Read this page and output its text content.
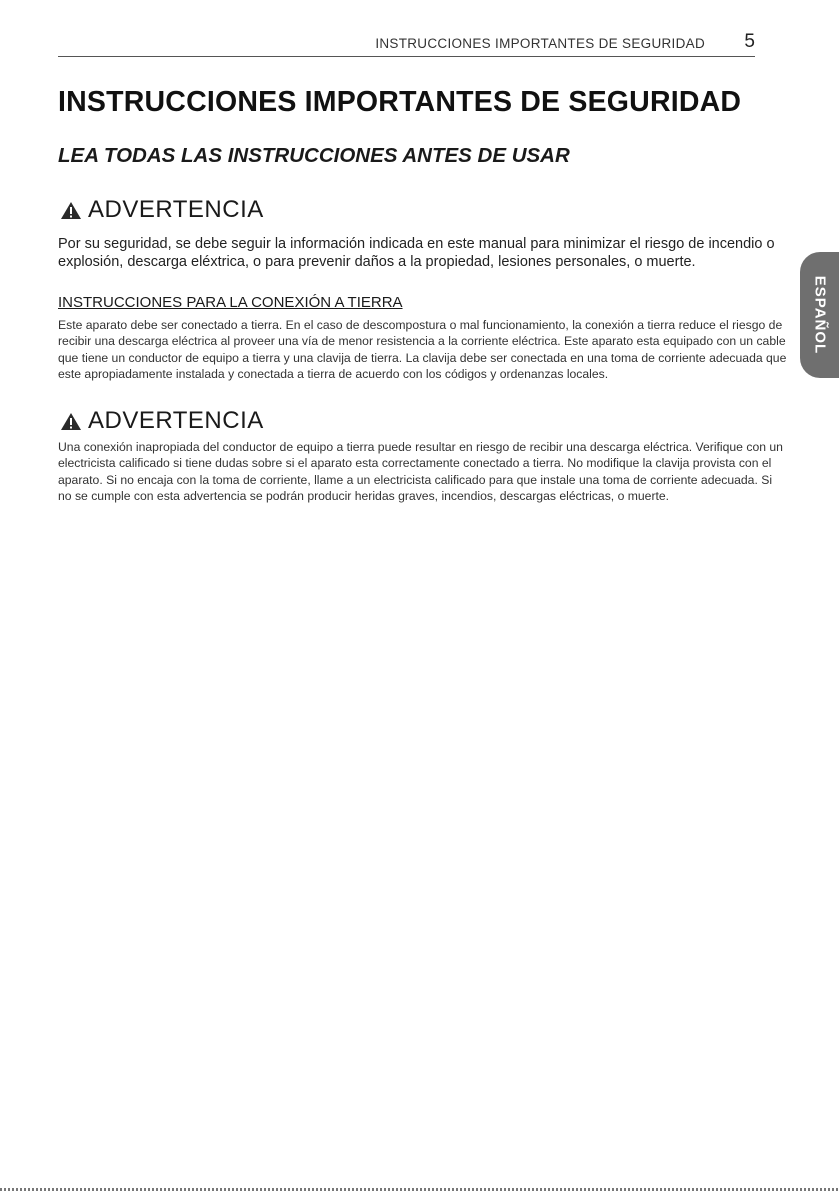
INSTRUCCIONES IMPORTANTES DE SEGURIDAD 5
INSTRUCCIONES IMPORTANTES DE SEGURIDAD
LEA TODAS LAS INSTRUCCIONES ANTES DE USAR
ESPAÑOL
ADVERTENCIA

Por su seguridad, se debe seguir la información indicada en este manual para minimizar el riesgo de incendio o explosión, descarga eléxtrica, o para prevenir daños a la propiedad, lesiones personales, o muerte.

INSTRUCCIONES PARA LA CONEXIÓN A TIERRA

Este aparato debe ser conectado a tierra. En el caso de descompostura o mal funcionamiento, la conexión a tierra reduce el riesgo de recibir una descarga eléctrica al proveer una vía de menor resistencia a la corriente eléctrica. Este aparato esta equipado con un cable que tiene un conductor de equipo a tierra y una clavija de tierra. La clavija debe ser conectada en una toma de corriente adecuada que este apropiadamente instalada y conectada a tierra de acuerdo con los códigos y ordenanzas locales.

ADVERTENCIA

Una conexión inapropiada del conductor de equipo a tierra puede resultar en riesgo de recibir una descarga eléctrica. Verifique con un electricista calificado si tiene dudas sobre si el aparato esta correctamente conectado a tierra. No modifique la clavija provista con el aparato. Si no encaja con la toma de corriente, llame a un electricista calificado para que instale una toma de corriente adecuada. Si no se cumple con esta advertencia se podrán producir heridas graves, incendios, descargas eléctricas, o muerte.
